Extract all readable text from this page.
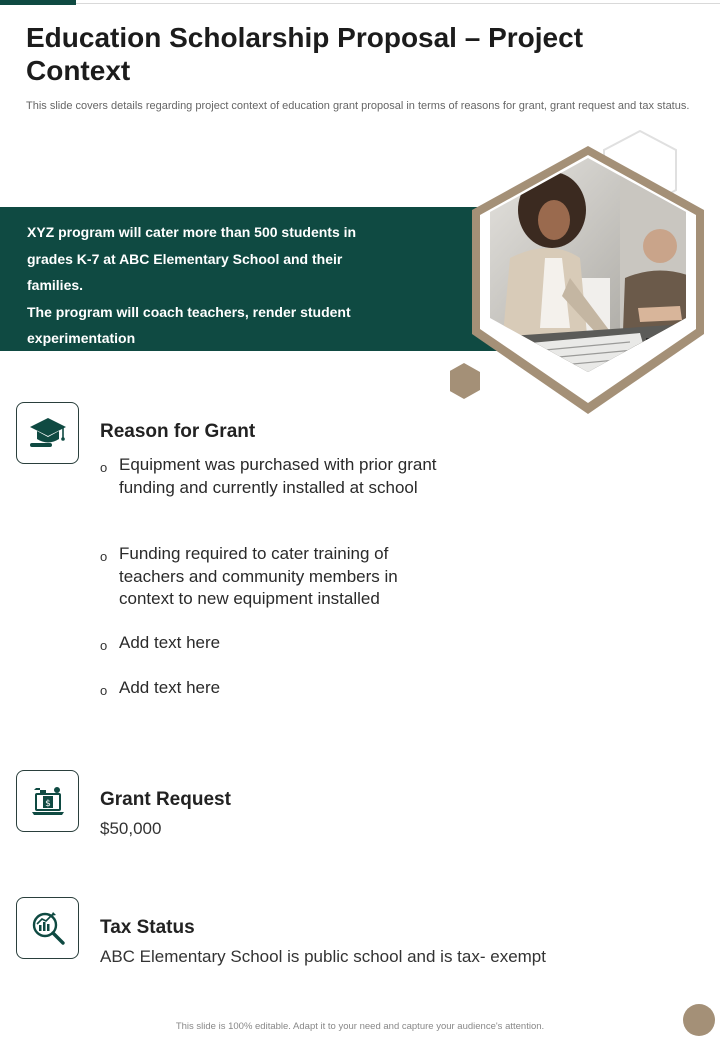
Education Scholarship Proposal – Project Context

This slide covers details regarding project context of education grant proposal in terms of reasons for grant, grant request and tax status.

XYZ program will cater more than 500 students in grades K-7 at ABC Elementary School and their families.

The program will coach teachers, render student experimentation

Reason for Grant
o Equipment was purchased with prior grant funding and currently installed at school
o Funding required to cater training of teachers and community members in context to new equipment installed
o Add text here
o Add text here
$	Grant Request
$50,000
Tax Status
ABC Elementary School is public school and is tax- exempt
This slide is 100% editable. Adapt it to your need and capture your audience's attention.
